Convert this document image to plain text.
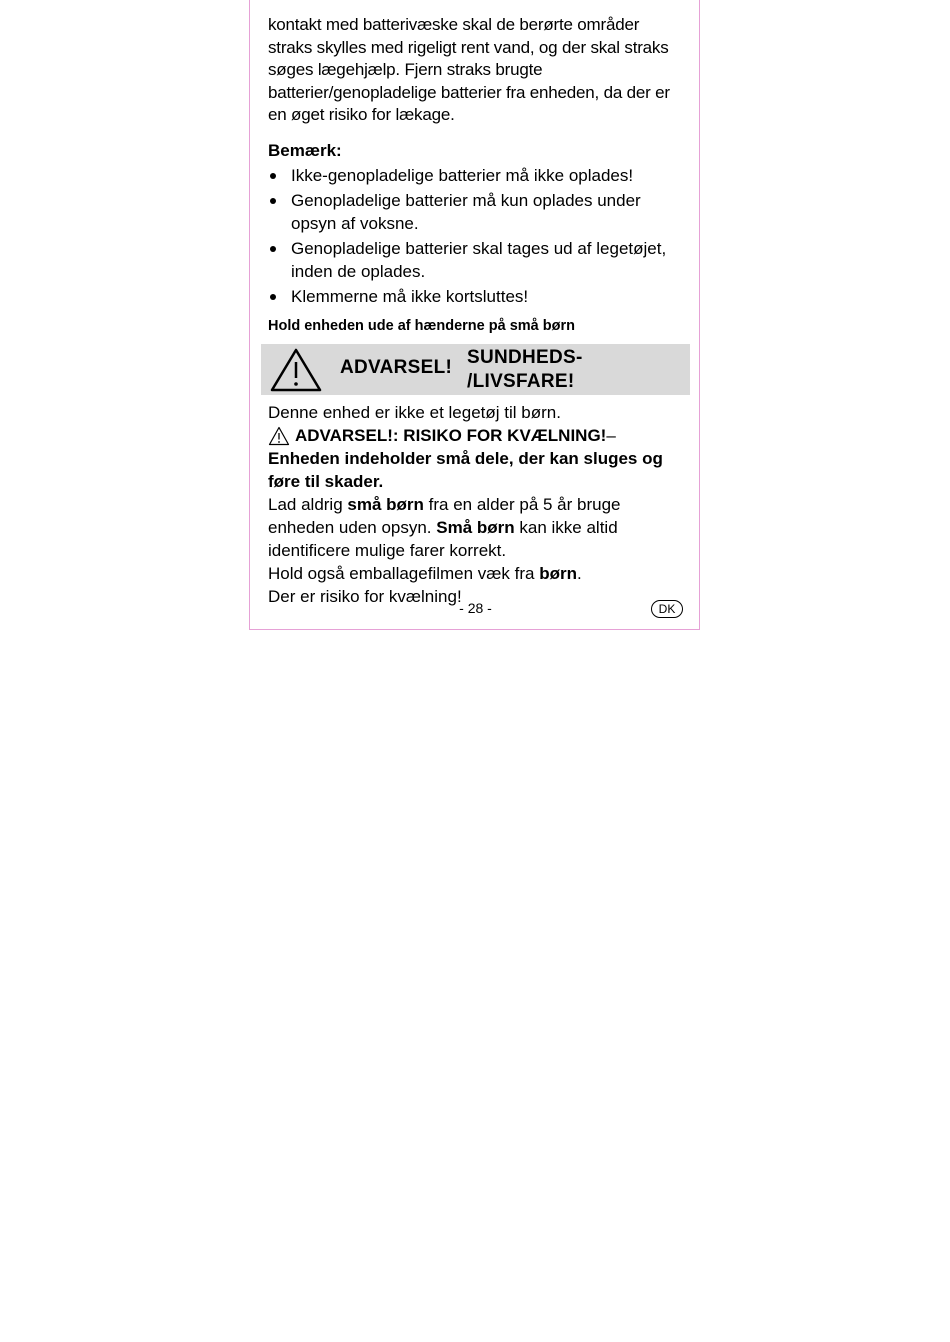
kontakt med batterivæske skal de berørte områder straks skylles med rigeligt rent vand, og der skal straks søges lægehjælp. Fjern straks brugte batterier/genopladelige batterier fra enheden, da der er en øget risiko for lækage.

Bemærk:
Ikke-genopladelige batterier må ikke oplades!
Genopladelige batterier må kun oplades under opsyn af voksne.
Genopladelige batterier skal tages ud af legetøjet, inden de oplades.
Klemmerne må ikke kortsluttes!
Hold enheden ude af hænderne på små børn
ADVARSEL! SUNDHEDS-
/LIVSFARE!

Denne enhed er ikke et legetøj til børn.

ADVARSEL!: RISIKO FOR KVÆLNING! –

Enheden indeholder små dele, der kan sluges og føre til skader.

Lad aldrig små børn fra en alder på 5 år bruge enheden uden opsyn. Små børn kan ikke altid identificere mulige farer korrekt.

Hold også emballagefilmen væk fra børn.

Der er risiko for kvælning!

- 28 -	DK
